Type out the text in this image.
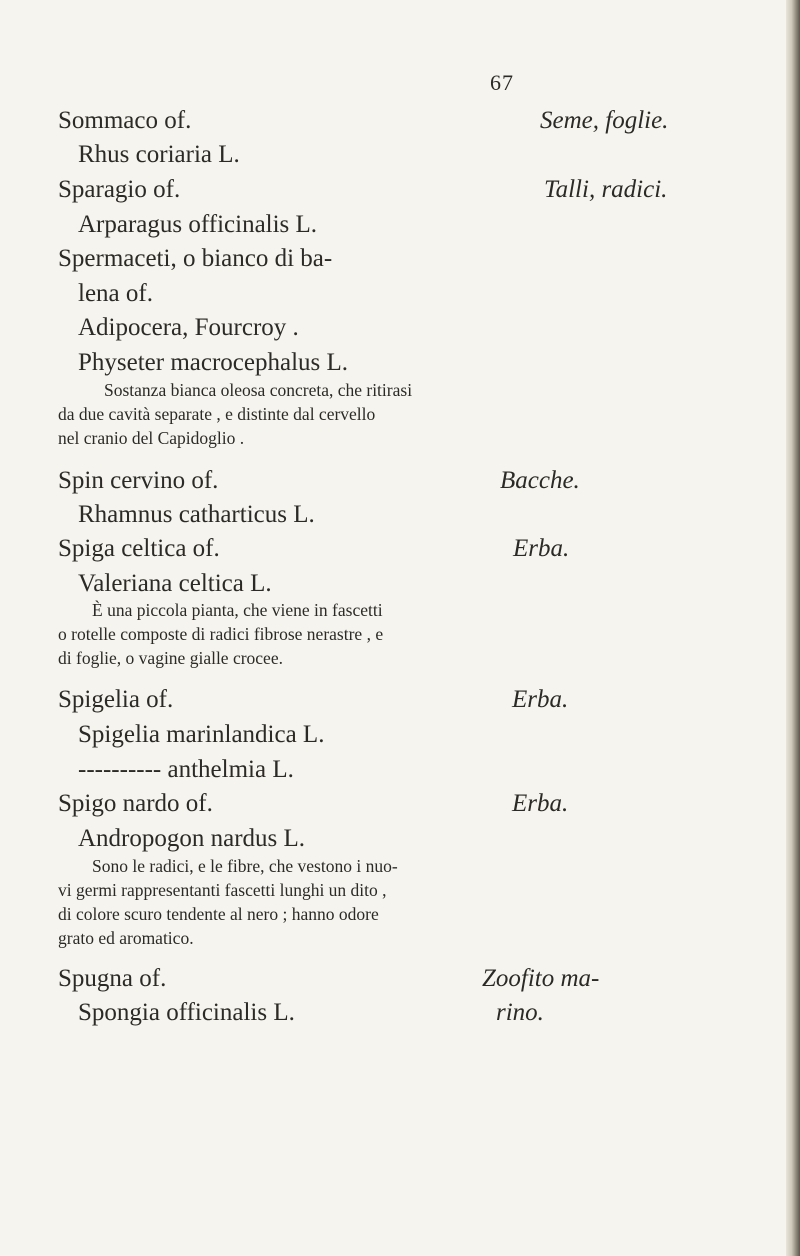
67
Sommaco of.	Seme, foglie.
Rhus coriaria L.
Sparagio of.	Talli, radici.
Arparagus officinalis L.
Spermaceti, o bianco di ba-
lena of.
Adipocera, Fourcroy .
Physeter macrocephalus L.
Sostanza bianca oleosa concreta, che ritirasi
da due cavità separate , e distinte dal cervello
nel cranio del Capidoglio .
Spin cervino of.	Bacche.
Rhamnus catharticus L.
Spiga celtica of.	Erba.
Valeriana celtica L.
È una piccola pianta, che viene in fascetti
o rotelle composte di radici fibrose nerastre , e
di foglie, o vagine gialle crocee.
Spigelia of.	Erba.
Spigelia marinlandica L.
---------- anthelmia L.
Spigo nardo of.	Erba.
Andropogon nardus L.
Sono le radici, e le fibre, che vestono i nuo-
vi germi rappresentanti fascetti lunghi un dito ,
di colore scuro tendente al nero ; hanno odore
grato ed aromatico.
Spugna of.	Zoofito ma-
Spongia officinalis L.	rino.
